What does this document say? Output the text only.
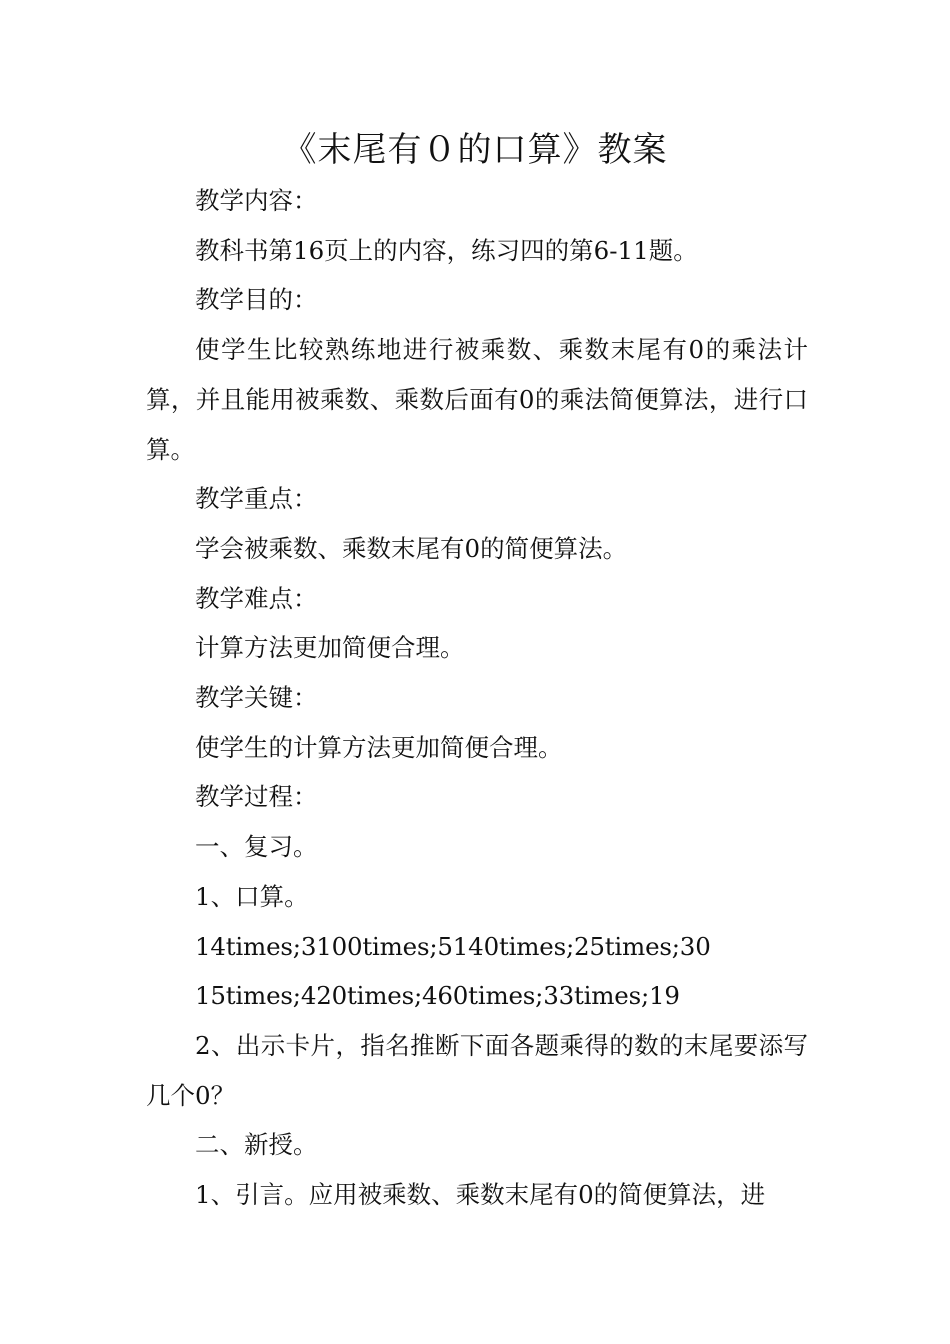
《末尾有０的口算》教案

教学内容：

教科书第16页上的内容，练习四的第6-11题。

教学目的：

使学生比较熟练地进行被乘数、乘数末尾有0的乘法计算，并且能用被乘数、乘数后面有0的乘法简便算法，进行口算。

教学重点：

学会被乘数、乘数末尾有0的简便算法。

教学难点：

计算方法更加简便合理。

教学关键：

使学生的计算方法更加简便合理。

教学过程：

一、复习。

1、口算。

14times;3100times;5140times;25times;30

15times;420times;460times;33times;19

2、出示卡片，指名推断下面各题乘得的数的末尾要添写几个0？

二、新授。

1、引言。应用被乘数、乘数末尾有0的简便算法，进
